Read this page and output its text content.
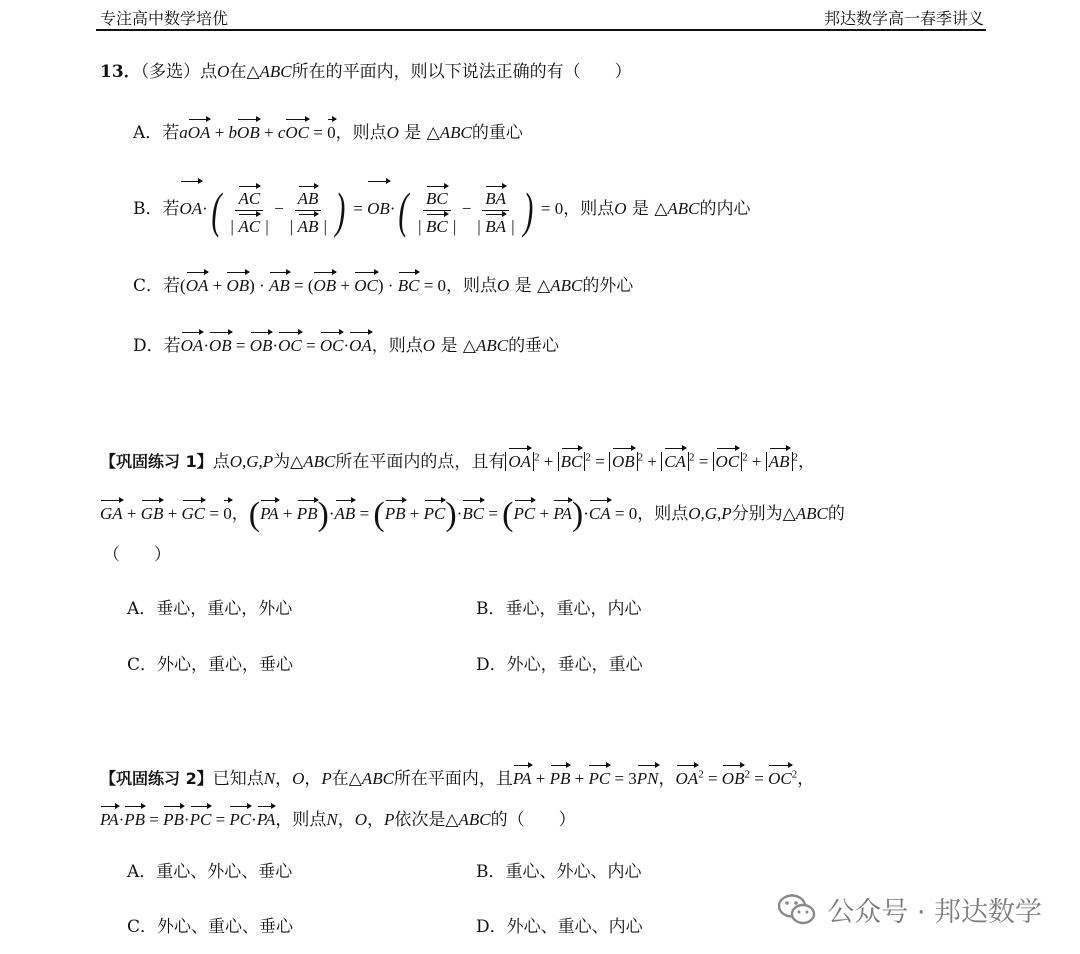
专注高中数学培优	邦达数学高一春季讲义
13．（多选）点O在△ABC所在的平面内，则以下说法正确的有（　　）
A．若aOA + bOB + cOC = 0，则点O 是 △ABC的重心
B．若$OA\cdot( \frac{AC}{| AC |} - \frac{AB}{| AB |}$ ) = $OB\cdot( \frac{BC}{| BC |} - \frac{BA}{| BA |}$ ) = 0，则点O 是 △ABC的内心
C．若(OA + OB) · AB = (OB + OC) · BC = 0，则点O 是 △ABC的外心
D．若OA·OB = OB·OC = OC·OA，则点O 是 △ABC的垂心
【巩固练习 1】点O,G,P为△ABC所在平面内的点，且有 OA $^2$ + BC $^2$ = OB $^2$ + CA $^2$ = OC $^2$ + AB $^2$，
GA + GB + GC = 0，(PA + PB)·AB = (PB + PC)·BC = (PC + PA)·CA = 0，则点O,G,P分别为△ABC的
（　　）
A．垂心，重心，外心	B．垂心，重心，内心
C．外心，重心，垂心	D．外心，垂心，重心
【巩固练习 2】已知点N，O，P在△ABC所在平面内，且PA + PB + PC = 3PN，$OA^2 = OB^2 = OC^2$，
PA·PB = PB·PC = PC·PA，则点N，O，P依次是△ABC的（　　）
A．重心、外心、垂心	B．重心、外心、内心
C．外心、重心、垂心	D．外心、重心、内心	公众号 · 邦达数学
